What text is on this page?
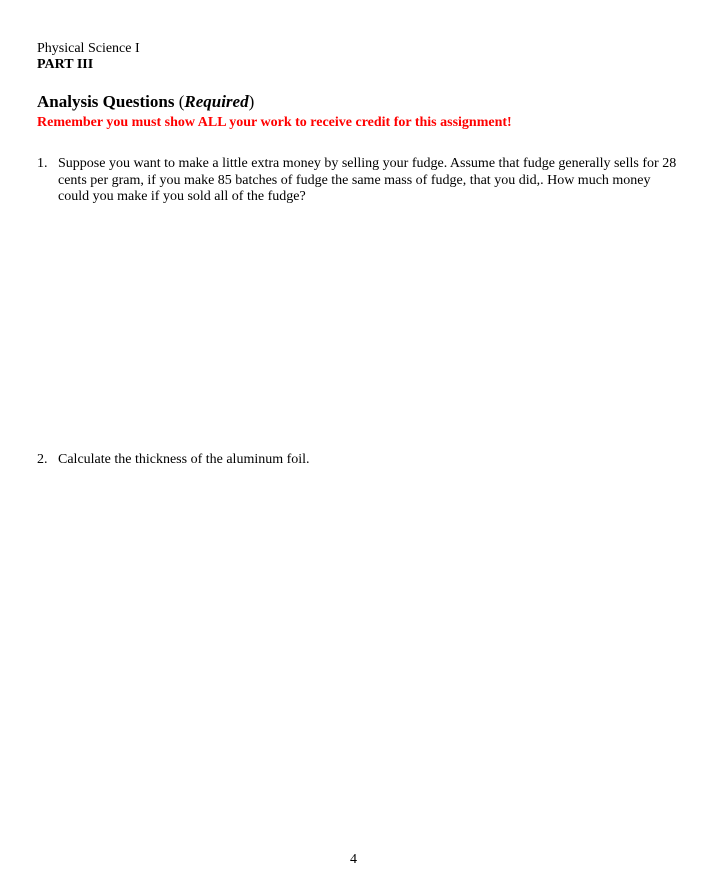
Physical Science I
PART III
Analysis Questions (Required)
Remember you must show ALL your work to receive credit for this assignment!
1. Suppose you want to make a little extra money by selling your fudge. Assume that fudge generally sells for 28 cents per gram, if you make 85 batches of fudge the same mass of fudge, that you did,. How much money could you make if you sold all of the fudge?
2. Calculate the thickness of the aluminum foil.
4
